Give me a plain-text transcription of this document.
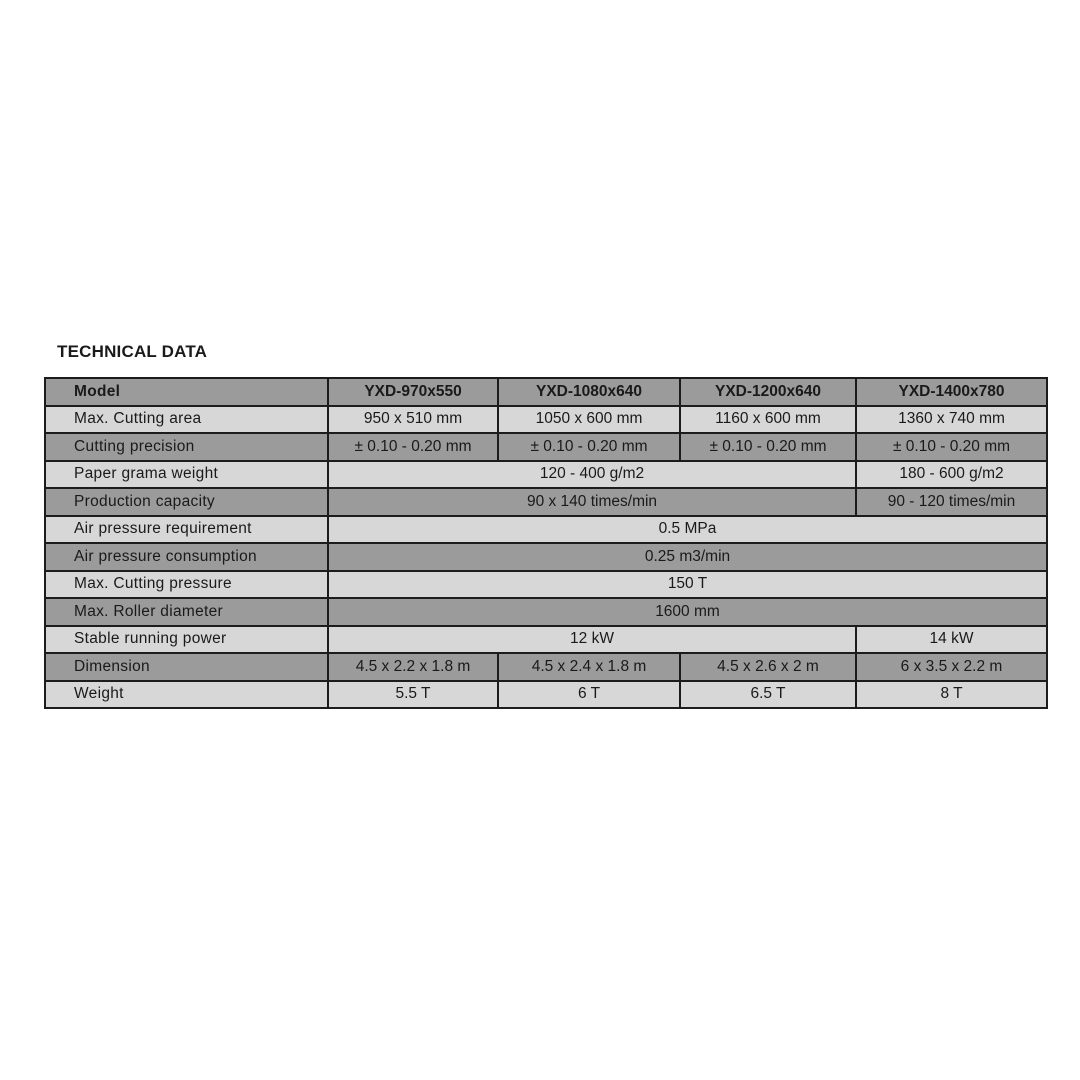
TECHNICAL DATA
Model	YXD-970x550	YXD-1080x640	YXD-1200x640	YXD-1400x780
Max. Cutting area	950 x 510 mm	1050 x 600 mm	1160 x 600 mm	1360 x 740 mm
Cutting precision	± 0.10 - 0.20 mm	± 0.10 - 0.20 mm	± 0.10 - 0.20 mm	± 0.10 - 0.20 mm
Paper grama weight	120 - 400 g/m2			180 - 600 g/m2
Production capacity	90 x 140 times/min			90 - 120 times/min
Air pressure requirement	0.5 MPa			
Air pressure consumption	0.25 m3/min			
Max. Cutting pressure	150 T			
Max. Roller diameter	1600 mm			
Stable running power	12 kW			14 kW
Dimension	4.5 x 2.2 x 1.8 m	4.5 x 2.4 x 1.8 m	4.5 x 2.6 x 2 m	6 x 3.5 x 2.2 m
Weight	5.5 T	6 T	6.5 T	8 T
